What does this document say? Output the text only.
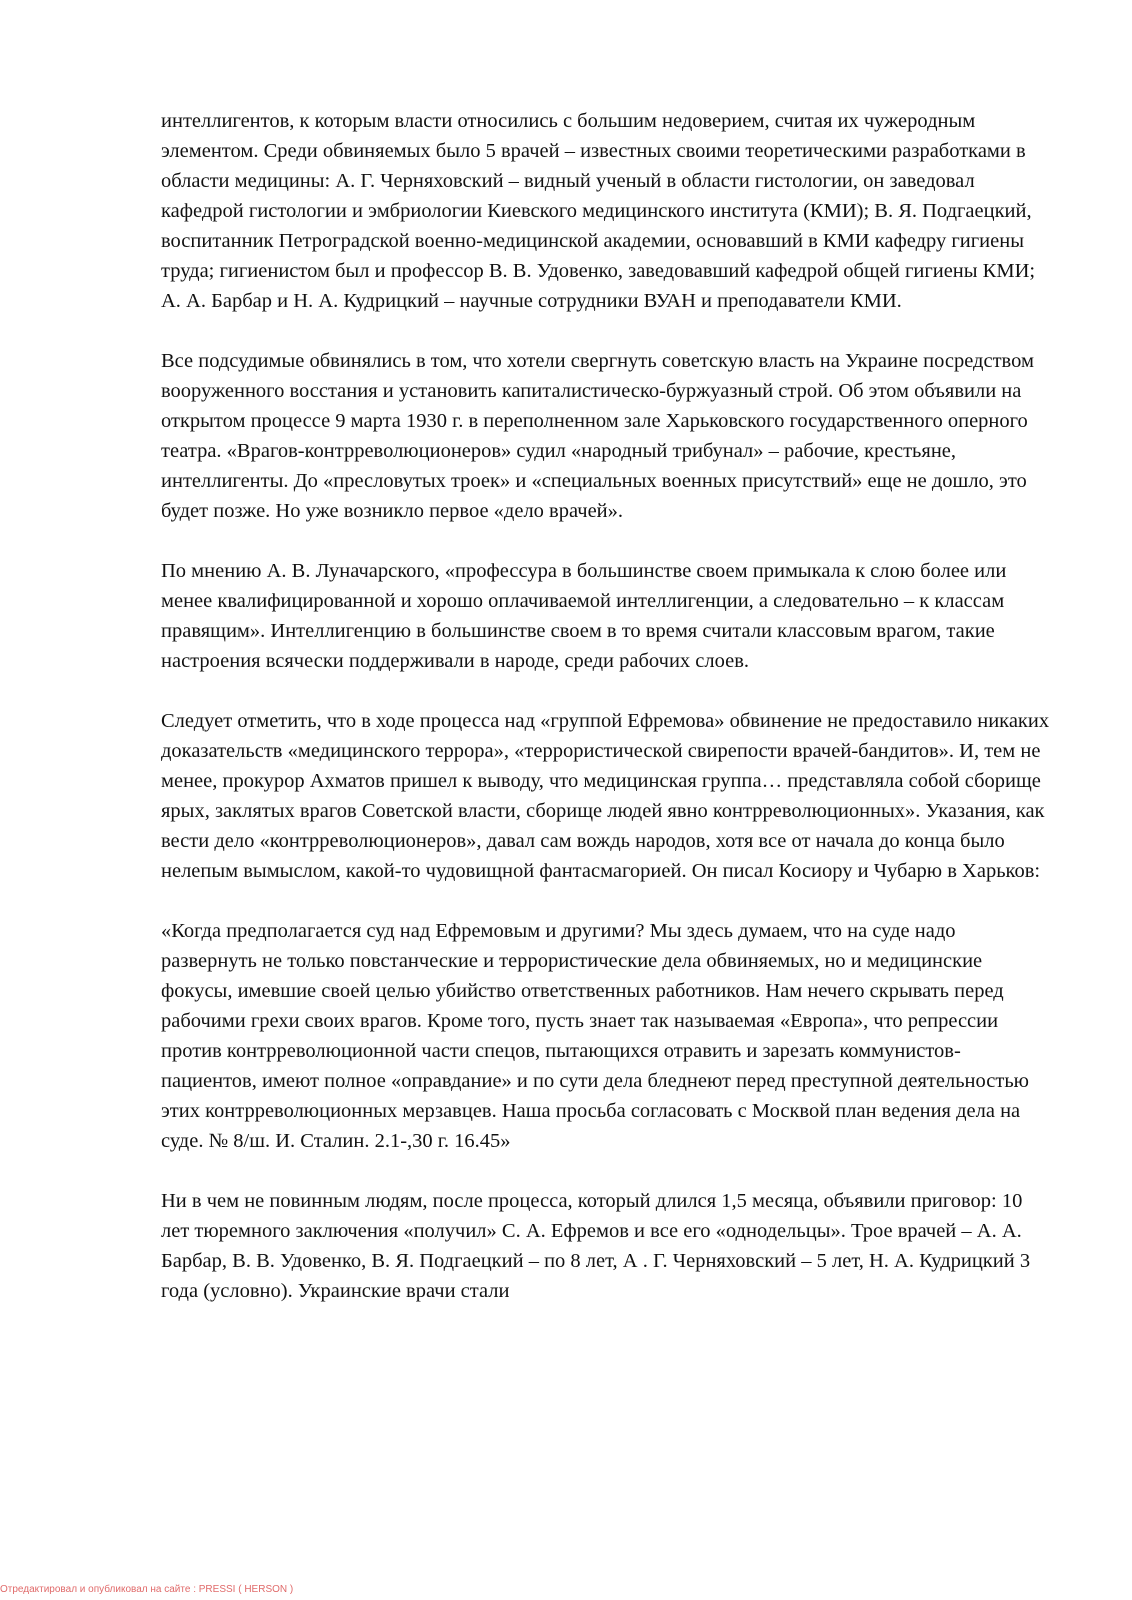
интеллигентов, к которым власти относились с большим недоверием, считая их чужеродным элементом. Среди обвиняемых было 5 врачей – известных своими теоретическими разработками в области медицины: А. Г. Черняховский – видный ученый в области гистологии, он заведовал кафедрой гистологии и эмбриологии Киевского медицинского института (КМИ); В. Я. Подгаецкий, воспитанник Петроградской военно-медицинской академии, основавший в КМИ кафедру гигиены труда; гигиенистом был и профессор В. В. Удовенко, заведовавший кафедрой общей гигиены КМИ; А. А. Барбар и Н. А. Кудрицкий – научные сотрудники ВУАН и преподаватели КМИ.

Все подсудимые обвинялись в том, что хотели свергнуть советскую власть на Украине посредством вооруженного восстания и установить капиталистическо-буржуазный строй. Об этом объявили на открытом процессе 9 марта 1930 г. в переполненном зале Харьковского государственного оперного театра. «Врагов-контрреволюционеров» судил «народный трибунал» – рабочие, крестьяне, интеллигенты. До «пресловутых троек» и «специальных военных присутствий» еще не дошло, это будет позже. Но уже возникло первое «дело врачей».

По мнению А. В. Луначарского, «профессура в большинстве своем примыкала к слою более или менее квалифицированной и хорошо оплачиваемой интеллигенции, а следовательно – к классам правящим». Интеллигенцию в большинстве своем в то время считали классовым врагом, такие настроения всячески поддерживали в народе, среди рабочих слоев.

Следует отметить, что в ходе процесса над «группой Ефремова» обвинение не предоставило никаких доказательств «медицинского террора», «террористической свирепости врачей-бандитов». И, тем не менее, прокурор Ахматов пришел к выводу, что медицинская группа… представляла собой сборище ярых, заклятых врагов Советской власти, сборище людей явно контрреволюционных». Указания, как вести дело «контрреволюционеров», давал сам вождь народов, хотя все от начала до конца было нелепым вымыслом, какой-то чудовищной фантасмагорией. Он писал Косиору и Чубарю в Харьков:

«Когда предполагается суд над Ефремовым и другими? Мы здесь думаем, что на суде надо развернуть не только повстанческие и террористические дела обвиняемых, но и медицинские фокусы, имевшие своей целью убийство ответственных работников. Нам нечего скрывать перед рабочими грехи своих врагов. Кроме того, пусть знает так называемая «Европа», что репрессии против контрреволюционной части спецов, пытающихся отравить и зарезать коммунистов-пациентов, имеют полное «оправдание» и по сути дела бледнеют перед преступной деятельностью этих контрреволюционных мерзавцев. Наша просьба согласовать с Москвой план ведения дела на суде. № 8/ш. И. Сталин. 2.1-,30 г. 16.45»

Ни в чем не повинным людям, после процесса, который длился 1,5 месяца, объявили приговор: 10 лет тюремного заключения «получил» С. А. Ефремов и все его «однодельцы». Трое врачей – А. А. Барбар, В. В. Удовенко, В. Я. Подгаецкий – по 8 лет, А . Г. Черняховский – 5 лет, Н. А. Кудрицкий 3 года (условно). Украинские врачи стали

Отредактировал и опубликовал на сайте : PRESSI ( HERSON )
